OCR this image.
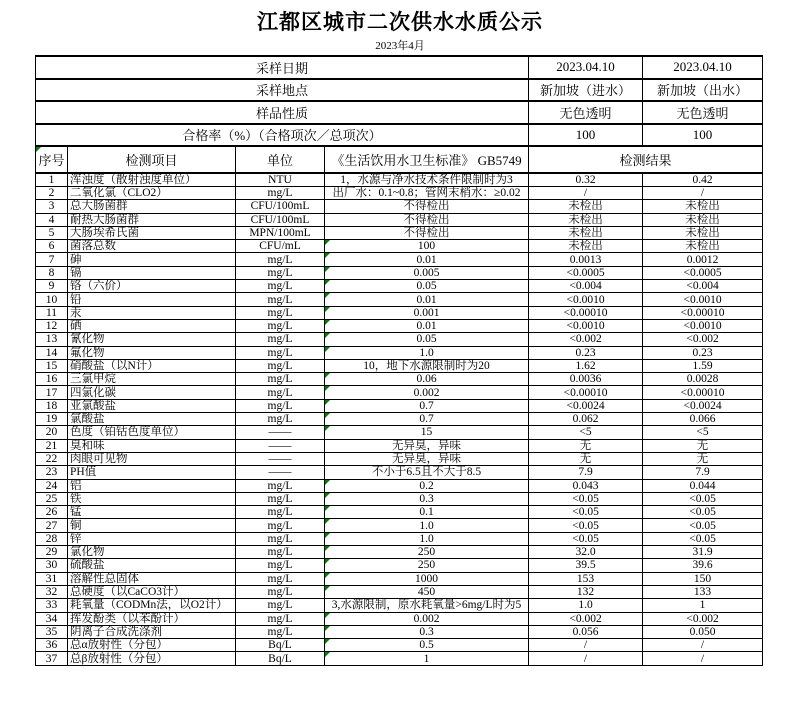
江都区城市二次供水水质公示
2023年4月
采样日期				2023.04.10	2023.04.10
采样地点				新加坡（进水）	新加坡（出水）
样品性质				无色透明	无色透明
合格率（%）（合格项次／总项次）				100	100

序号	检测项目	单位	《生活饮用水卫生标准》 GB5749	检测结果	
1	浑浊度（散射浊度单位）	NTU	1，水源与净水技术条件限制时为3	0.32	0.42
2	二氧化氯（CLO2）	mg/L	出厂水：0.1~0.8；管网末梢水：≥0.02	/	/
3	总大肠菌群	CFU/100mL	不得检出	未检出	未检出
4	耐热大肠菌群	CFU/100mL	不得检出	未检出	未检出
5	大肠埃希氏菌	MPN/100mL	不得检出	未检出	未检出
6	菌落总数	CFU/mL	100	未检出	未检出
7	砷	mg/L	0.01	0.0013	0.0012
8	镉	mg/L	0.005	<0.0005	<0.0005
9	铬（六价）	mg/L	0.05	<0.004	<0.004
10	铅	mg/L	0.01	<0.0010	<0.0010
11	汞	mg/L	0.001	<0.00010	<0.00010
12	硒	mg/L	0.01	<0.0010	<0.0010
13	氰化物	mg/L	0.05	<0.002	<0.002
14	氟化物	mg/L	1.0	0.23	0.23
15	硝酸盐（以N计）	mg/L	10，地下水源限制时为20	1.62	1.59
16	三氯甲烷	mg/L	0.06	0.0036	0.0028
17	四氯化碳	mg/L	0.002	<0.00010	<0.00010
18	亚氯酸盐	mg/L	0.7	<0.0024	<0.0024
19	氯酸盐	mg/L	0.7	0.062	0.066
20	色度（铂钴色度单位）	——	15	<5	<5
21	臭和味	——	无异臭，异味	无	无
22	肉眼可见物	——	无异臭，异味	无	无
23	PH值	——	不小于6.5且不大于8.5	7.9	7.9
24	铝	mg/L	0.2	0.043	0.044
25	铁	mg/L	0.3	<0.05	<0.05
26	锰	mg/L	0.1	<0.05	<0.05
27	铜	mg/L	1.0	<0.05	<0.05
28	锌	mg/L	1.0	<0.05	<0.05
29	氯化物	mg/L	250	32.0	31.9
30	硫酸盐	mg/L	250	39.5	39.6
31	溶解性总固体	mg/L	1000	153	150
32	总硬度（以CaCO3计）	mg/L	450	132	133
33	耗氧量（CODMn法，以O2计）	mg/L	3,水源限制，原水耗氧量>6mg/L时为5	1.0	1
34	挥发酚类（以苯酚计）	mg/L	0.002	<0.002	<0.002
35	阴离子合成洗涤剂	mg/L	0.3	0.056	0.050
36	总α放射性（分包）	Bq/L	0.5	/	/
37	总β放射性（分包）	Bq/L	1	/	/
